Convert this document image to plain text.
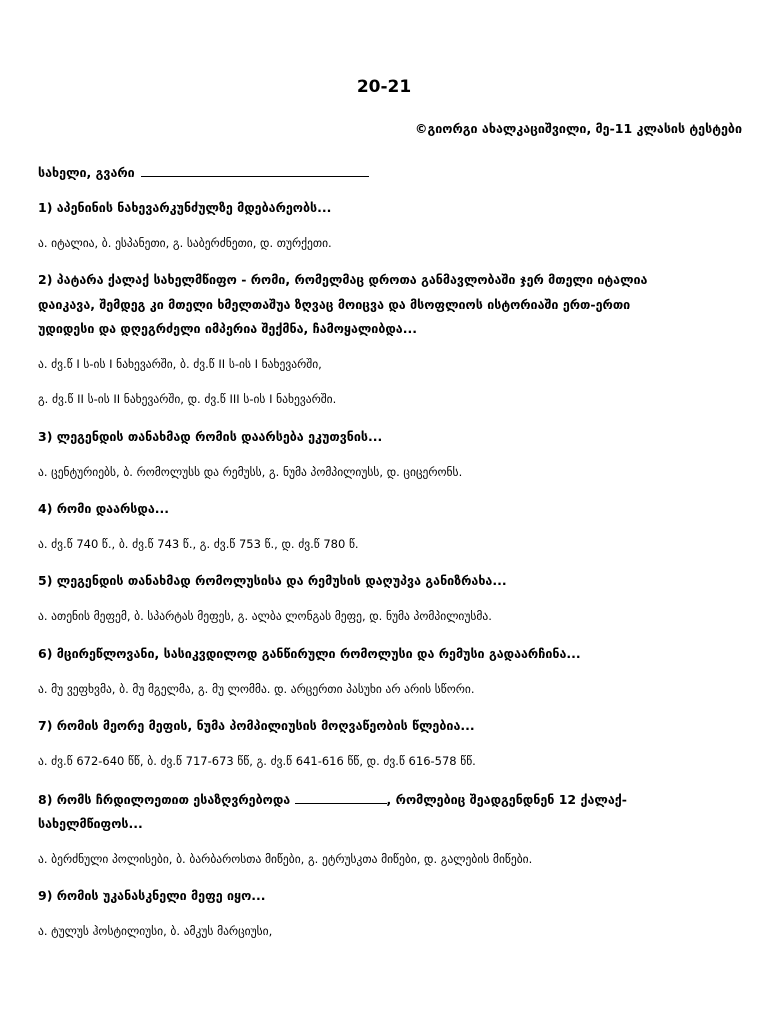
20-21
©გიორგი ახალკაციშვილი, მე-11 კლასის ტესტები
სახელი, გვარი
1) აპენინის ნახევარკუნძულზე მდებარეობს...
ა. იტალია, ბ. ესპანეთი, გ. საბერძნეთი, დ. თურქეთი.
2) პატარა ქალაქ სახელმწიფო - რომი, რომელმაც დროთა განმავლობაში ჯერ მთელი იტალია
დაიკავა, შემდეგ კი მთელი ხმელთაშუა ზღვაც მოიცვა და მსოფლიოს ისტორიაში ერთ-ერთი
უდიდესი და დღეგრძელი იმპერია შექმნა, ჩამოყალიბდა...
ა. ძვ.წ I ს-ის I ნახევარში, ბ. ძვ.წ II ს-ის I ნახევარში,
გ. ძვ.წ II ს-ის II ნახევარში, დ. ძვ.წ III ს-ის I ნახევარში.
3) ლეგენდის თანახმად რომის დაარსება ეკუთვნის...
ა. ცენტურიებს, ბ. რომოლუსს და რემუსს, გ. ნუმა პომპილიუსს, დ. ციცერონს.
4) რომი დაარსდა...
ა. ძვ.წ 740 წ., ბ. ძვ.წ 743 წ., გ. ძვ.წ 753 წ., დ. ძვ.წ 780 წ.
5) ლეგენდის თანახმად რომოლუსისა და რემუსის დაღუპვა განიზრახა...
ა. ათენის მეფემ, ბ. სპარტას მეფეს, გ. ალბა ლონგას მეფე, დ. ნუმა პომპილიუსმა.
6) მცირეწლოვანი, სასიკვდილოდ განწირული რომოლუსი და რემუსი გადაარჩინა...
ა. მუ ვეფხვმა, ბ. მუ მგელმა, გ. მუ ლომმა. დ. არცერთი პასუხი არ არის სწორი.
7) რომის მეორე მეფის, ნუმა პომპილიუსის მოღვაწეობის წლებია...
ა. ძვ.წ 672-640 წწ, ბ. ძვ.წ 717-673 წწ, გ. ძვ.წ 641-616 წწ, დ. ძვ.წ 616-578 წწ.
8) რომს ჩრდილოეთით ესაზღვრებოდა	, რომლებიც შეადგენდნენ 12 ქალაქ-
სახელმწიფოს...
ა. ბერძნული პოლისები, ბ. ბარბაროსთა მიწები, გ. ეტრუსკთა მიწები, დ. გალების მიწები.
9) რომის უკანასკნელი მეფე იყო...
ა. ტულუს ჰოსტილიუსი, ბ. ამკუს მარციუსი,
